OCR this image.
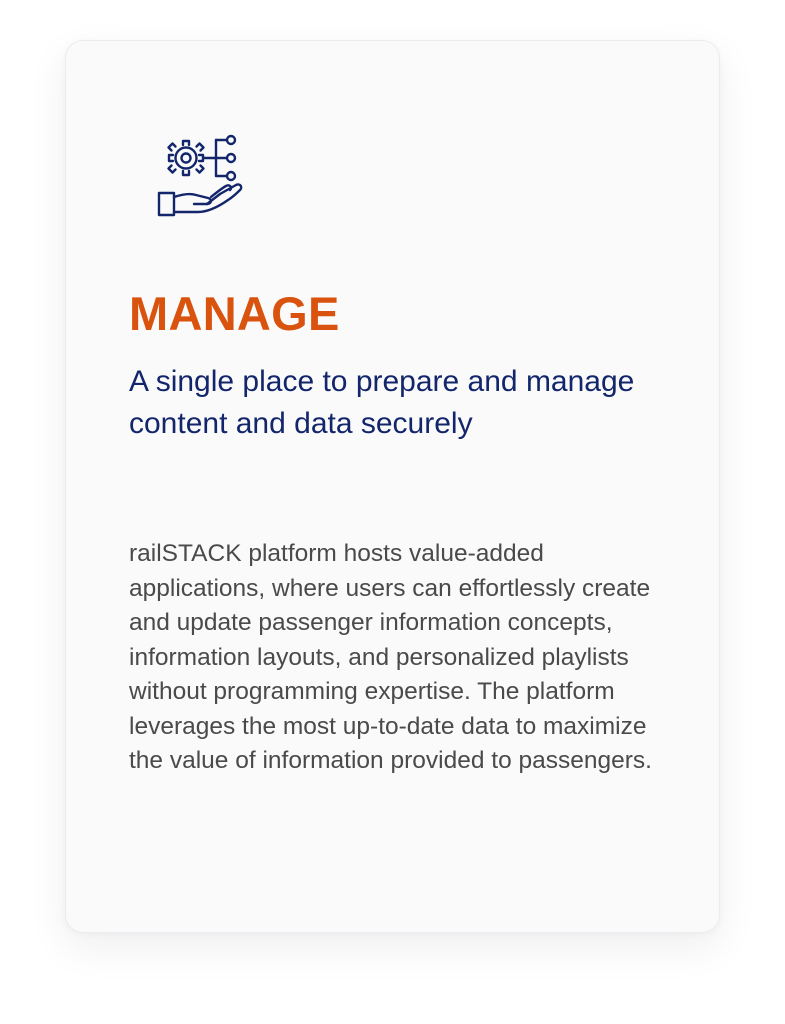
MANAGE
A single place to prepare and manage content and data securely

railSTACK platform hosts value-added applications, where users can effortlessly create and update passenger information concepts, information layouts, and personalized playlists without programming expertise. The platform leverages the most up-to-date data to maximize the value of information provided to passengers.
